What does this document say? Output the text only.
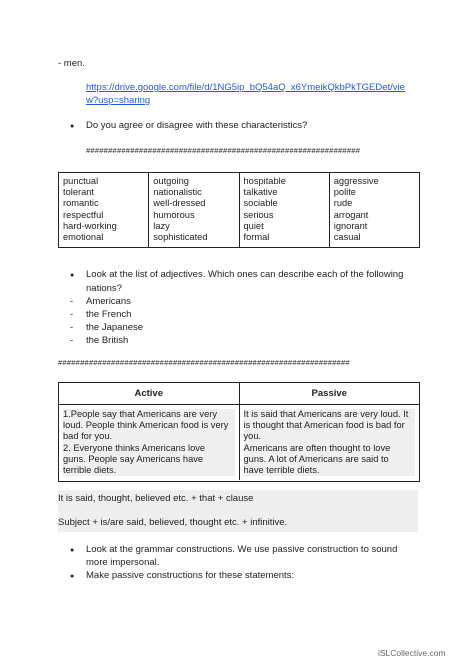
- men.
https://drive.google.com/file/d/1NG5ip_bQ54aQ_x6YmeikQkbPkTGEDet/vie
w?usp=sharing
● Do you agree or disagree with these characteristics?
##############################################################
punctual
tolerant
romantic
respectful
hard-working
emotional
outgoing
nationalistic
well-dressed
humorous
lazy
sophisticated
hospitable
talkative
sociable
serious
quiet
formal
aggressive
polite
rude
arrogant
ignorant
casual
● Look at the list of adjectives. Which ones can describe each of the following
nations?
- Americans
- the French
- the Japanese
- the British
##################################################################
Active	Passive
1.People say that Americans are very
loud. People think American food is very
bad for you.
2. Everyone thinks Americans love
guns. People say Americans have
terrible diets.
It is said that Americans are very loud. It
is thought that American food is bad for
you.
Americans are often thought to love
guns. A lot of Americans are said to
have terrible diets.
It is said, thought, believed etc. + that + clause
Subject + is/are said, believed, thought etc. + infinitive.
● Look at the grammar constructions. We use passive construction to sound
more impersonal.
● Make passive constructions for these statements:
iSLCollective.com
